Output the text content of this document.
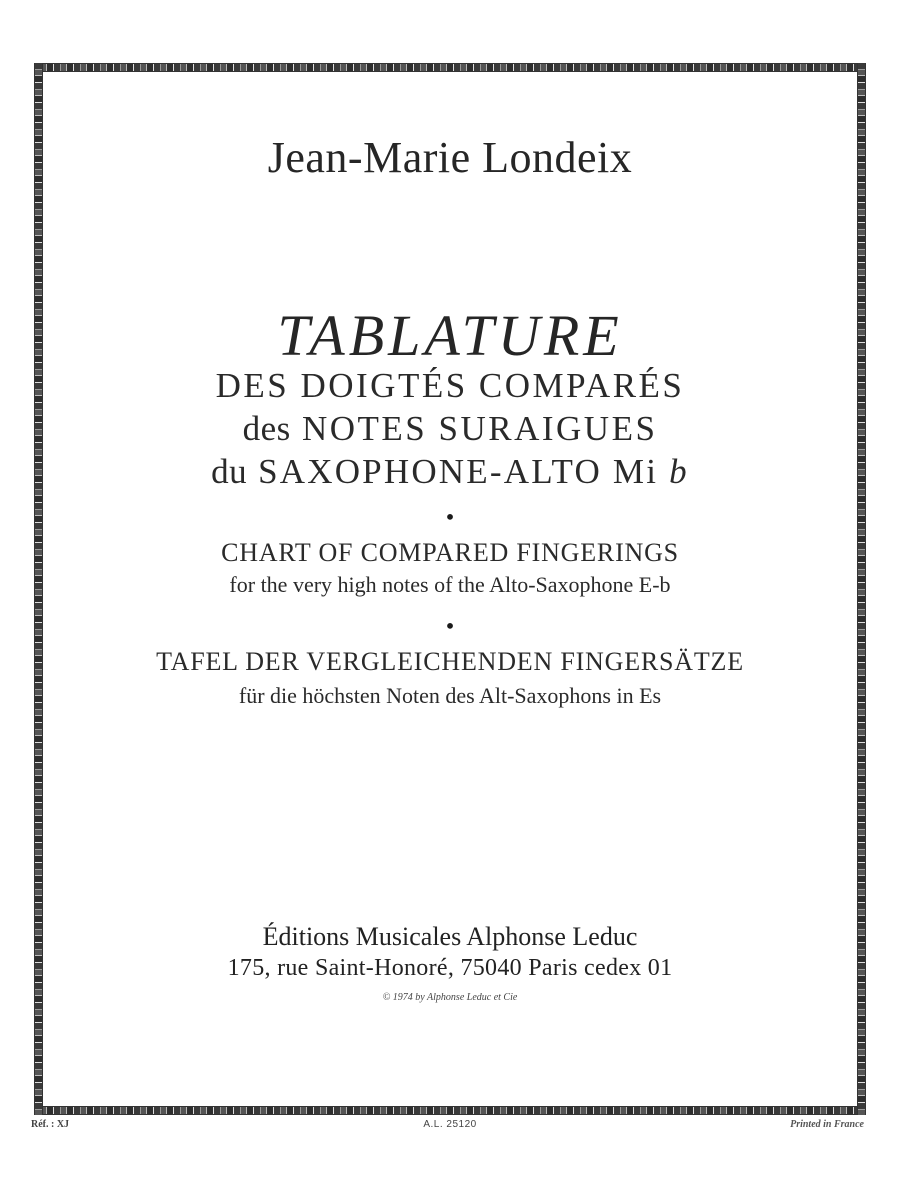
Jean-Marie Londeix
TABLATURE
DES DOIGTÉS COMPARÉS
des NOTES SURAIGUES
du SAXOPHONE-ALTO Mi b
•
CHART OF COMPARED FINGERINGS
for the very high notes of the Alto-Saxophone E-b
•
TAFEL DER VERGLEICHENDEN FINGERSÄTZE
für die höchsten Noten des Alt-Saxophons in Es
Éditions Musicales Alphonse Leduc
175, rue Saint-Honoré, 75040 Paris cedex 01
© 1974 by Alphonse Leduc et Cie
Réf. : XJ	A.L. 25120	Printed in France
